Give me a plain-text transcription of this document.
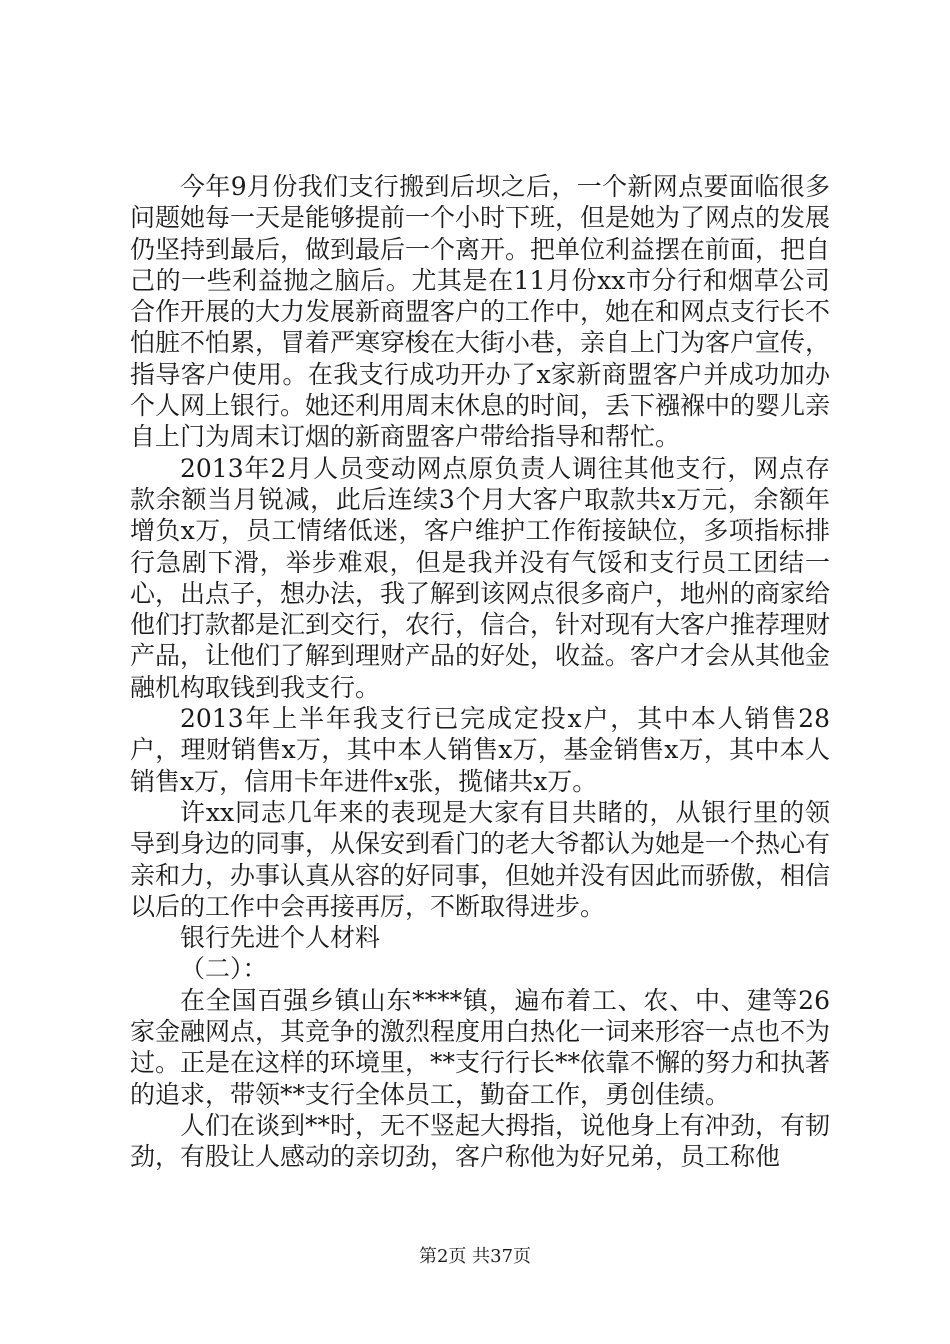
今年9月份我们支行搬到后坝之后，一个新网点要面临很多问题她每一天是能够提前一个小时下班，但是她为了网点的发展仍坚持到最后，做到最后一个离开。把单位利益摆在前面，把自己的一些利益抛之脑后。尤其是在11月份xx市分行和烟草公司合作开展的大力发展新商盟客户的工作中，她在和网点支行长不怕脏不怕累，冒着严寒穿梭在大街小巷，亲自上门为客户宣传，指导客户使用。在我支行成功开办了x家新商盟客户并成功加办个人网上银行。她还利用周末休息的时间，丢下襁褓中的婴儿亲自上门为周末订烟的新商盟客户带给指导和帮忙。

2013年2月人员变动网点原负责人调往其他支行，网点存款余额当月锐减，此后连续3个月大客户取款共x万元，余额年增负x万，员工情绪低迷，客户维护工作衔接缺位，多项指标排行急剧下滑，举步难艰，但是我并没有气馁和支行员工团结一心，出点子，想办法，我了解到该网点很多商户，地州的商家给他们打款都是汇到交行，农行，信合，针对现有大客户推荐理财产品，让他们了解到理财产品的好处，收益。客户才会从其他金融机构取钱到我支行。

2013年上半年我支行已完成定投x户，其中本人销售28户，理财销售x万，其中本人销售x万，基金销售x万，其中本人销售x万，信用卡年进件x张，揽储共x万。

许xx同志几年来的表现是大家有目共睹的，从银行里的领导到身边的同事，从保安到看门的老大爷都认为她是一个热心有亲和力，办事认真从容的好同事，但她并没有因此而骄傲，相信以后的工作中会再接再厉，不断取得进步。

银行先进个人材料

（二）：

在全国百强乡镇山东****镇，遍布着工、农、中、建等26家金融网点，其竞争的激烈程度用白热化一词来形容一点也不为过。正是在这样的环境里，**支行行长**依靠不懈的努力和执著的追求，带领**支行全体员工，勤奋工作，勇创佳绩。

人们在谈到**时，无不竖起大拇指，说他身上有冲劲，有韧劲，有股让人感动的亲切劲，客户称他为好兄弟，员工称他

第2页 共37页
